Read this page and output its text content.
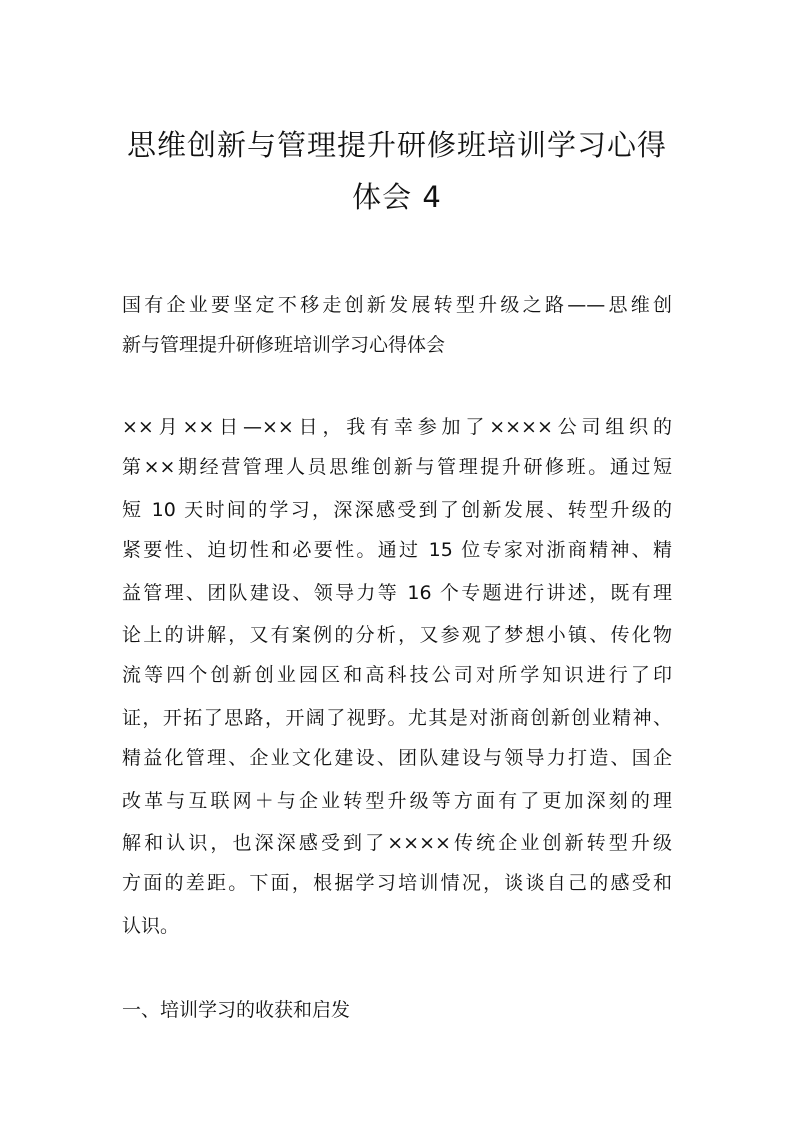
思维创新与管理提升研修班培训学习心得
体会 4
国有企业要坚定不移走创新发展转型升级之路——思维创
新与管理提升研修班培训学习心得体会
××月××日—××日，我有幸参加了××××公司组织的
第××期经营管理人员思维创新与管理提升研修班。通过短
短 10 天时间的学习，深深感受到了创新发展、转型升级的
紧要性、迫切性和必要性。通过 15 位专家对浙商精神、精
益管理、团队建设、领导力等 16 个专题进行讲述，既有理
论上的讲解，又有案例的分析，又参观了梦想小镇、传化物
流等四个创新创业园区和高科技公司对所学知识进行了印
证，开拓了思路，开阔了视野。尤其是对浙商创新创业精神、
精益化管理、企业文化建设、团队建设与领导力打造、国企
改革与互联网＋与企业转型升级等方面有了更加深刻的理
解和认识，也深深感受到了××××传统企业创新转型升级
方面的差距。下面，根据学习培训情况，谈谈自己的感受和
认识。
一、培训学习的收获和启发
